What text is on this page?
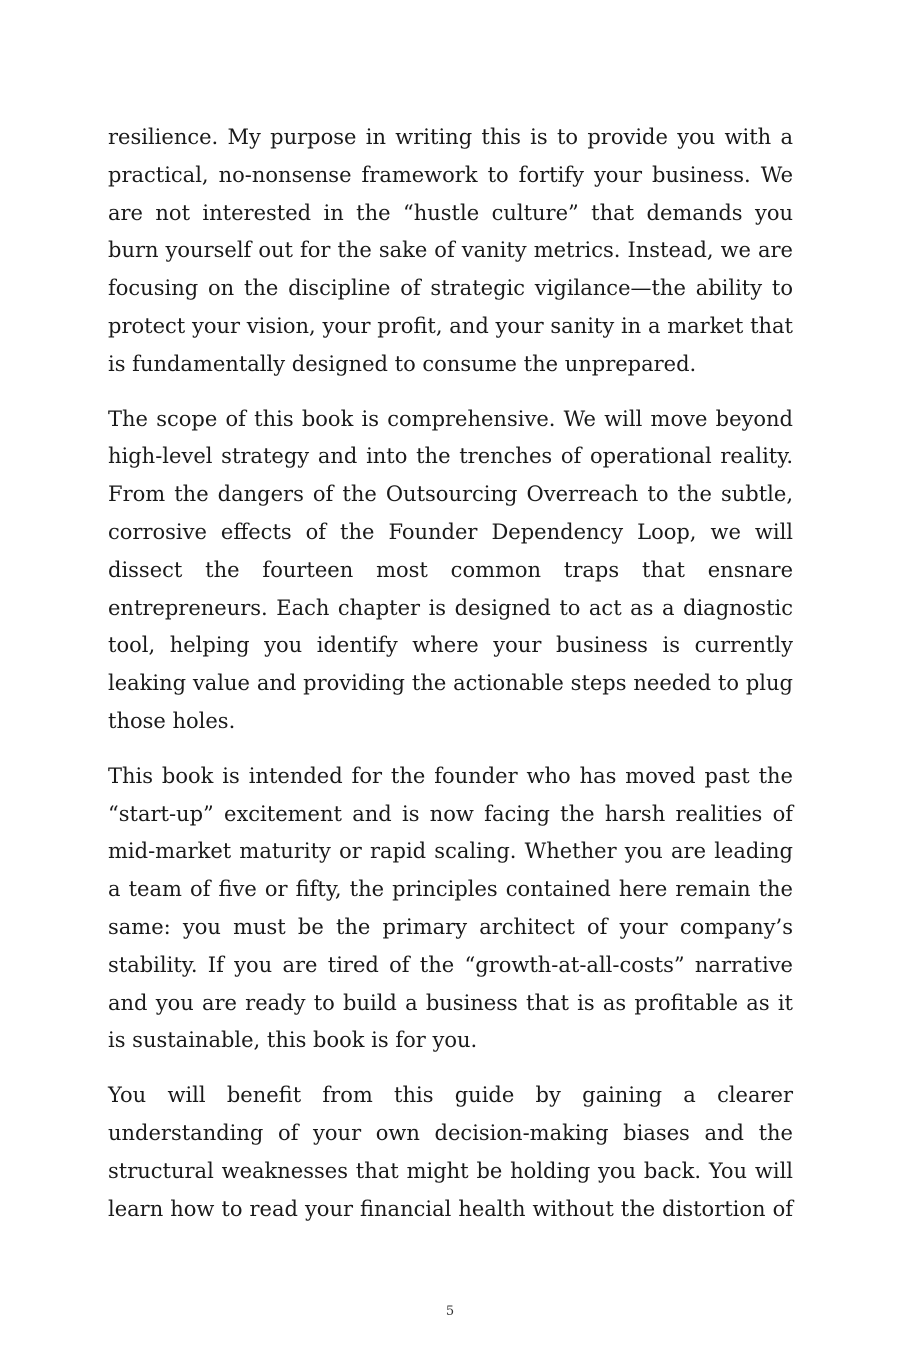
resilience. My purpose in writing this is to provide you with a practical, no-nonsense framework to fortify your business. We are not interested in the “hustle culture” that demands you burn yourself out for the sake of vanity metrics. Instead, we are focusing on the discipline of strategic vigilance—the ability to protect your vision, your profit, and your sanity in a market that is fundamentally designed to consume the unprepared.

The scope of this book is comprehensive. We will move beyond high-level strategy and into the trenches of operational reality. From the dangers of the Outsourcing Overreach to the subtle, corrosive effects of the Founder Dependency Loop, we will dissect the fourteen most common traps that ensnare entrepreneurs. Each chapter is designed to act as a diagnostic tool, helping you identify where your business is currently leaking value and providing the actionable steps needed to plug those holes.

This book is intended for the founder who has moved past the “start-up” excitement and is now facing the harsh realities of mid-market maturity or rapid scaling. Whether you are leading a team of five or fifty, the principles contained here remain the same: you must be the primary architect of your company’s stability. If you are tired of the “growth-at-all-costs” narrative and you are ready to build a business that is as profitable as it is sustainable, this book is for you.

You will benefit from this guide by gaining a clearer understanding of your own decision-making biases and the structural weaknesses that might be holding you back. You will learn how to read your financial health without the distortion of

5
